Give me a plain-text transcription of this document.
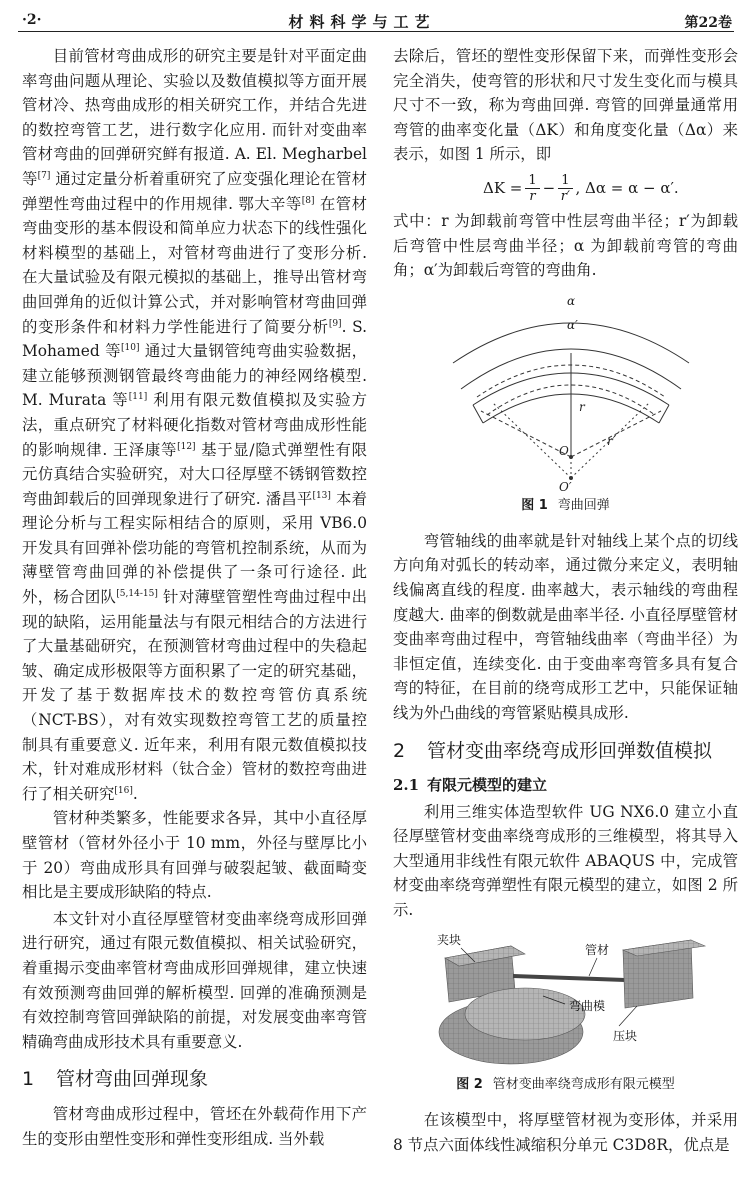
·2·	材料科学与工艺	第22卷

目前管材弯曲成形的研究主要是针对平面定曲率弯曲问题从理论、实验以及数值模拟等方面开展管材冷、热弯曲成形的相关研究工作，并结合先进的数控弯管工艺，进行数字化应用. 而针对变曲率管材弯曲的回弹研究鲜有报道. A. El. Megharbel 等[7] 通过定量分析着重研究了应变强化理论在管材弹塑性弯曲过程中的作用规律. 鄂大辛等[8] 在管材弯曲变形的基本假设和简单应力状态下的线性强化材料模型的基础上，对管材弯曲进行了变形分析. 在大量试验及有限元模拟的基础上，推导出管材弯曲回弹角的近似计算公式，并对影响管材弯曲回弹的变形条件和材料力学性能进行了简要分析[9]. S. Mohamed 等[10] 通过大量钢管纯弯曲实验数据，建立能够预测钢管最终弯曲能力的神经网络模型. M. Murata 等[11] 利用有限元数值模拟及实验方法，重点研究了材料硬化指数对管材弯曲成形性能的影响规律. 王泽康等[12] 基于显/隐式弹塑性有限元仿真结合实验研究，对大口径厚壁不锈钢管数控弯曲卸载后的回弹现象进行了研究. 潘昌平[13] 本着理论分析与工程实际相结合的原则，采用 VB6.0 开发具有回弹补偿功能的弯管机控制系统，从而为薄壁管弯曲回弹的补偿提供了一条可行途径. 此外，杨合团队[5,14-15] 针对薄壁管塑性弯曲过程中出现的缺陷，运用能量法与有限元相结合的方法进行了大量基础研究，在预测管材弯曲过程中的失稳起皱、确定成形极限等方面积累了一定的研究基础，开发了基于数据库技术的数控弯管仿真系统（NCT-BS），对有效实现数控弯管工艺的质量控制具有重要意义. 近年来，利用有限元数值模拟技术，针对难成形材料（钛合金）管材的数控弯曲进行了相关研究[16].

管材种类繁多，性能要求各异，其中小直径厚壁管材（管材外径小于 10 mm，外径与壁厚比小于 20）弯曲成形具有回弹与破裂起皱、截面畸变相比是主要成形缺陷的特点.

本文针对小直径厚壁管材变曲率绕弯成形回弹进行研究，通过有限元数值模拟、相关试验研究，着重揭示变曲率管材弯曲成形回弹规律，建立快速有效预测弯曲回弹的解析模型. 回弹的准确预测是有效控制弯管回弹缺陷的前提，对发展变曲率弯管精确弯曲成形技术具有重要意义.

1 管材弯曲回弹现象

管材弯曲成形过程中，管坯在外载荷作用下产生的变形由塑性变形和弹性变形组成. 当外载

去除后，管坯的塑性变形保留下来，而弹性变形会完全消失，使弯管的形状和尺寸发生变化而与模具尺寸不一致，称为弯曲回弹. 弯管的回弹量通常用弯管的曲率变化量（ΔK）和角度变化量（Δα）来表示，如图 1 所示，即

$\Delta K = \frac{1}{r} - \frac{1}{r'}$ , Δα = α − α′.

式中：r 为卸载前弯管中性层弯曲半径；r′为卸载后弯管中性层弯曲半径；α 为卸载前弯管的弯曲角；α′为卸载后弯管的弯曲角.

α
α′
r
r′
O
O′
图 1 弯曲回弹

弯管轴线的曲率就是针对轴线上某个点的切线方向角对弧长的转动率，通过微分来定义，表明轴线偏离直线的程度. 曲率越大，表示轴线的弯曲程度越大. 曲率的倒数就是曲率半径. 小直径厚壁管材变曲率弯曲过程中，弯管轴线曲率（弯曲半径）为非恒定值，连续变化. 由于变曲率弯管多具有复合弯的特征，在目前的绕弯成形工艺中，只能保证轴线为外凸曲线的弯管紧贴模具成形.

2 管材变曲率绕弯成形回弹数值模拟
2.1 有限元模型的建立

利用三维实体造型软件 UG NX6.0 建立小直径厚壁管材变曲率绕弯成形的三维模型，将其导入大型通用非线性有限元软件 ABAQUS 中，完成管材变曲率绕弯弹塑性有限元模型的建立，如图 2 所示.

夹块
管材
弯曲模
压块
图 2 管材变曲率绕弯成形有限元模型

在该模型中，将厚壁管材视为变形体，并采用 8 节点六面体线性减缩积分单元 C3D8R，优点是
